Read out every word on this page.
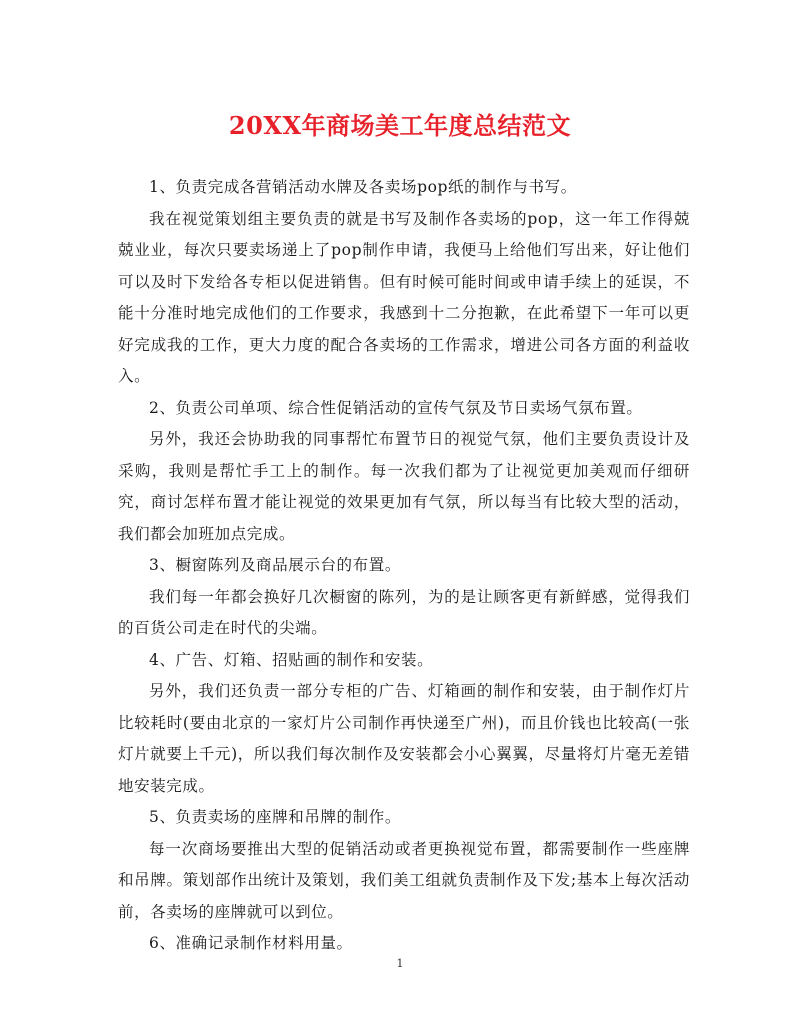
20XX年商场美工年度总结范文

1、负责完成各营销活动水牌及各卖场pop纸的制作与书写。

我在视觉策划组主要负责的就是书写及制作各卖场的pop，这一年工作得兢兢业业，每次只要卖场递上了pop制作申请，我便马上给他们写出来，好让他们可以及时下发给各专柜以促进销售。但有时候可能时间或申请手续上的延误，不能十分准时地完成他们的工作要求，我感到十二分抱歉，在此希望下一年可以更好完成我的工作，更大力度的配合各卖场的工作需求，增进公司各方面的利益收入。

2、负责公司单项、综合性促销活动的宣传气氛及节日卖场气氛布置。

另外，我还会协助我的同事帮忙布置节日的视觉气氛，他们主要负责设计及采购，我则是帮忙手工上的制作。每一次我们都为了让视觉更加美观而仔细研究，商讨怎样布置才能让视觉的效果更加有气氛，所以每当有比较大型的活动，我们都会加班加点完成。

3、橱窗陈列及商品展示台的布置。

我们每一年都会换好几次橱窗的陈列，为的是让顾客更有新鲜感，觉得我们的百货公司走在时代的尖端。

4、广告、灯箱、招贴画的制作和安装。

另外，我们还负责一部分专柜的广告、灯箱画的制作和安装，由于制作灯片比较耗时(要由北京的一家灯片公司制作再快递至广州)，而且价钱也比较高(一张灯片就要上千元)，所以我们每次制作及安装都会小心翼翼，尽量将灯片毫无差错地安装完成。

5、负责卖场的座牌和吊牌的制作。

每一次商场要推出大型的促销活动或者更换视觉布置，都需要制作一些座牌和吊牌。策划部作出统计及策划，我们美工组就负责制作及下发;基本上每次活动前，各卖场的座牌就可以到位。

6、准确记录制作材料用量。

1
